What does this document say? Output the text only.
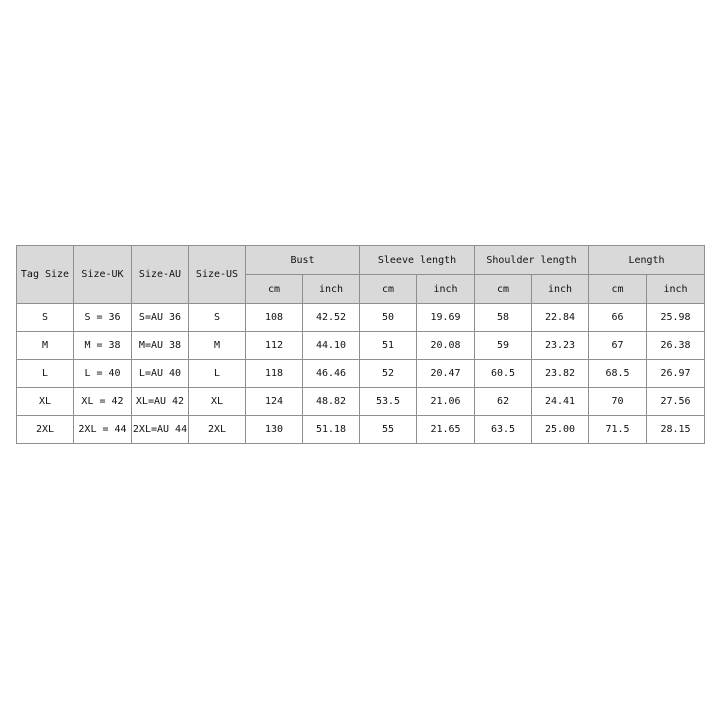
Tag Size	Size-UK	Size-AU	Size-US	Bust		Sleeve length		Shoulder length		Length	
				cm	inch	cm	inch	cm	inch	cm	inch
S	S = 36	S=AU 36	S	108	42.52	50	19.69	58	22.84	66	25.98
M	M = 38	M=AU 38	M	112	44.10	51	20.08	59	23.23	67	26.38
L	L = 40	L=AU 40	L	118	46.46	52	20.47	60.5	23.82	68.5	26.97
XL	XL = 42	XL=AU 42	XL	124	48.82	53.5	21.06	62	24.41	70	27.56
2XL	2XL = 44	2XL=AU 44	2XL	130	51.18	55	21.65	63.5	25.00	71.5	28.15
